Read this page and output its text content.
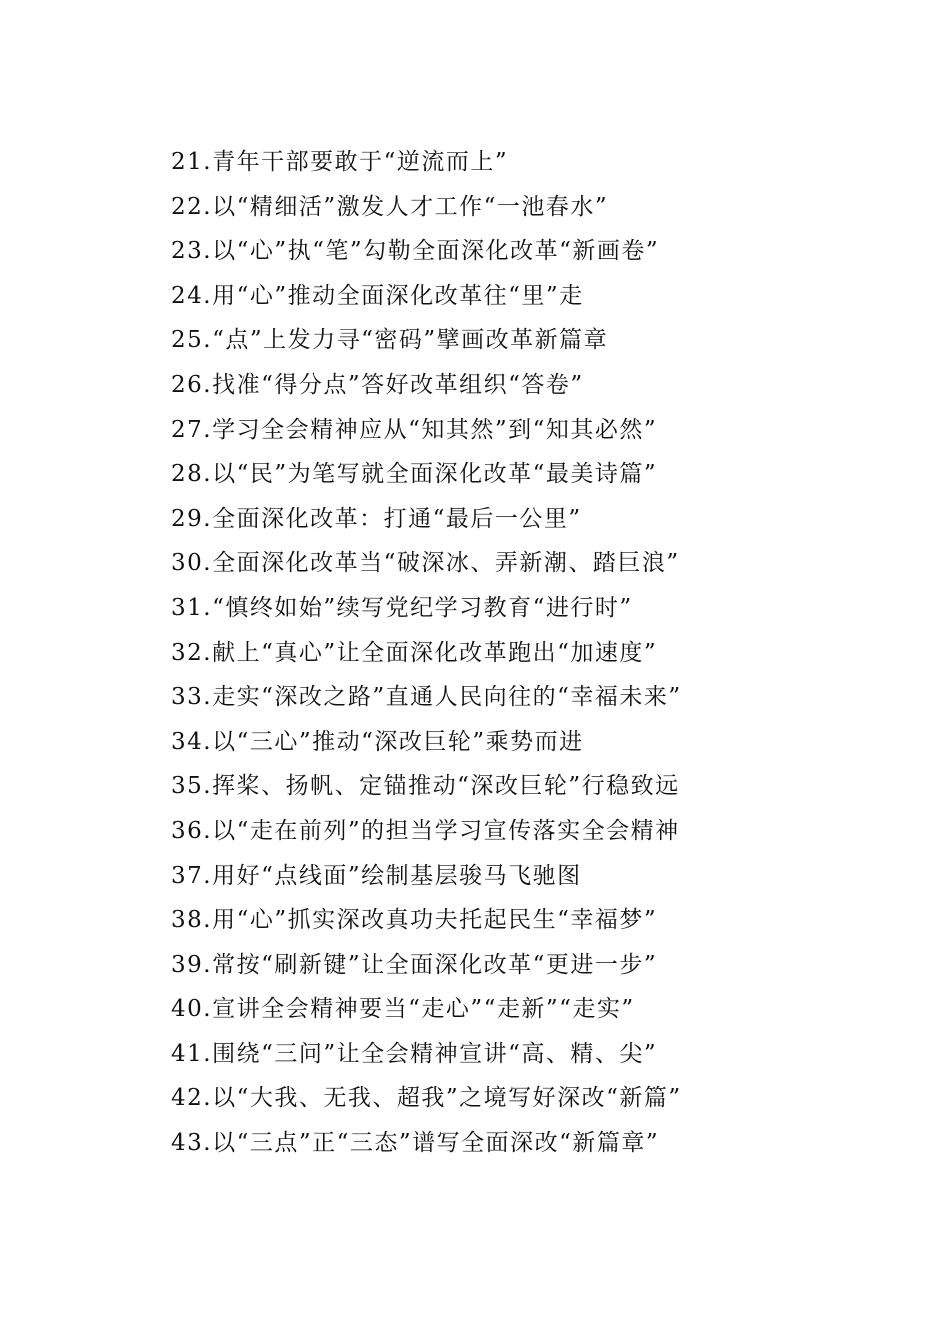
21.青年干部要敢于“逆流而上”
22.以“精细活”激发人才工作“一池春水”
23.以“心”执“笔”勾勒全面深化改革“新画卷”
24.用“心”推动全面深化改革往“里”走
25.“点”上发力寻“密码”擘画改革新篇章
26.找准“得分点”答好改革组织“答卷”
27.学习全会精神应从“知其然”到“知其必然”
28.以“民”为笔写就全面深化改革“最美诗篇”
29.全面深化改革：打通“最后一公里”
30.全面深化改革当“破深冰、弄新潮、踏巨浪”
31.“慎终如始”续写党纪学习教育“进行时”
32.献上“真心”让全面深化改革跑出“加速度”
33.走实“深改之路”直通人民向往的“幸福未来”
34.以“三心”推动“深改巨轮”乘势而进
35.挥桨、扬帆、定锚推动“深改巨轮”行稳致远
36.以“走在前列”的担当学习宣传落实全会精神
37.用好“点线面”绘制基层骏马飞驰图
38.用“心”抓实深改真功夫托起民生“幸福梦”
39.常按“刷新键”让全面深化改革“更进一步”
40.宣讲全会精神要当“走心”“走新”“走实”
41.围绕“三问”让全会精神宣讲“高、精、尖”
42.以“大我、无我、超我”之境写好深改“新篇”
43.以“三点”正“三态”谱写全面深改“新篇章”
